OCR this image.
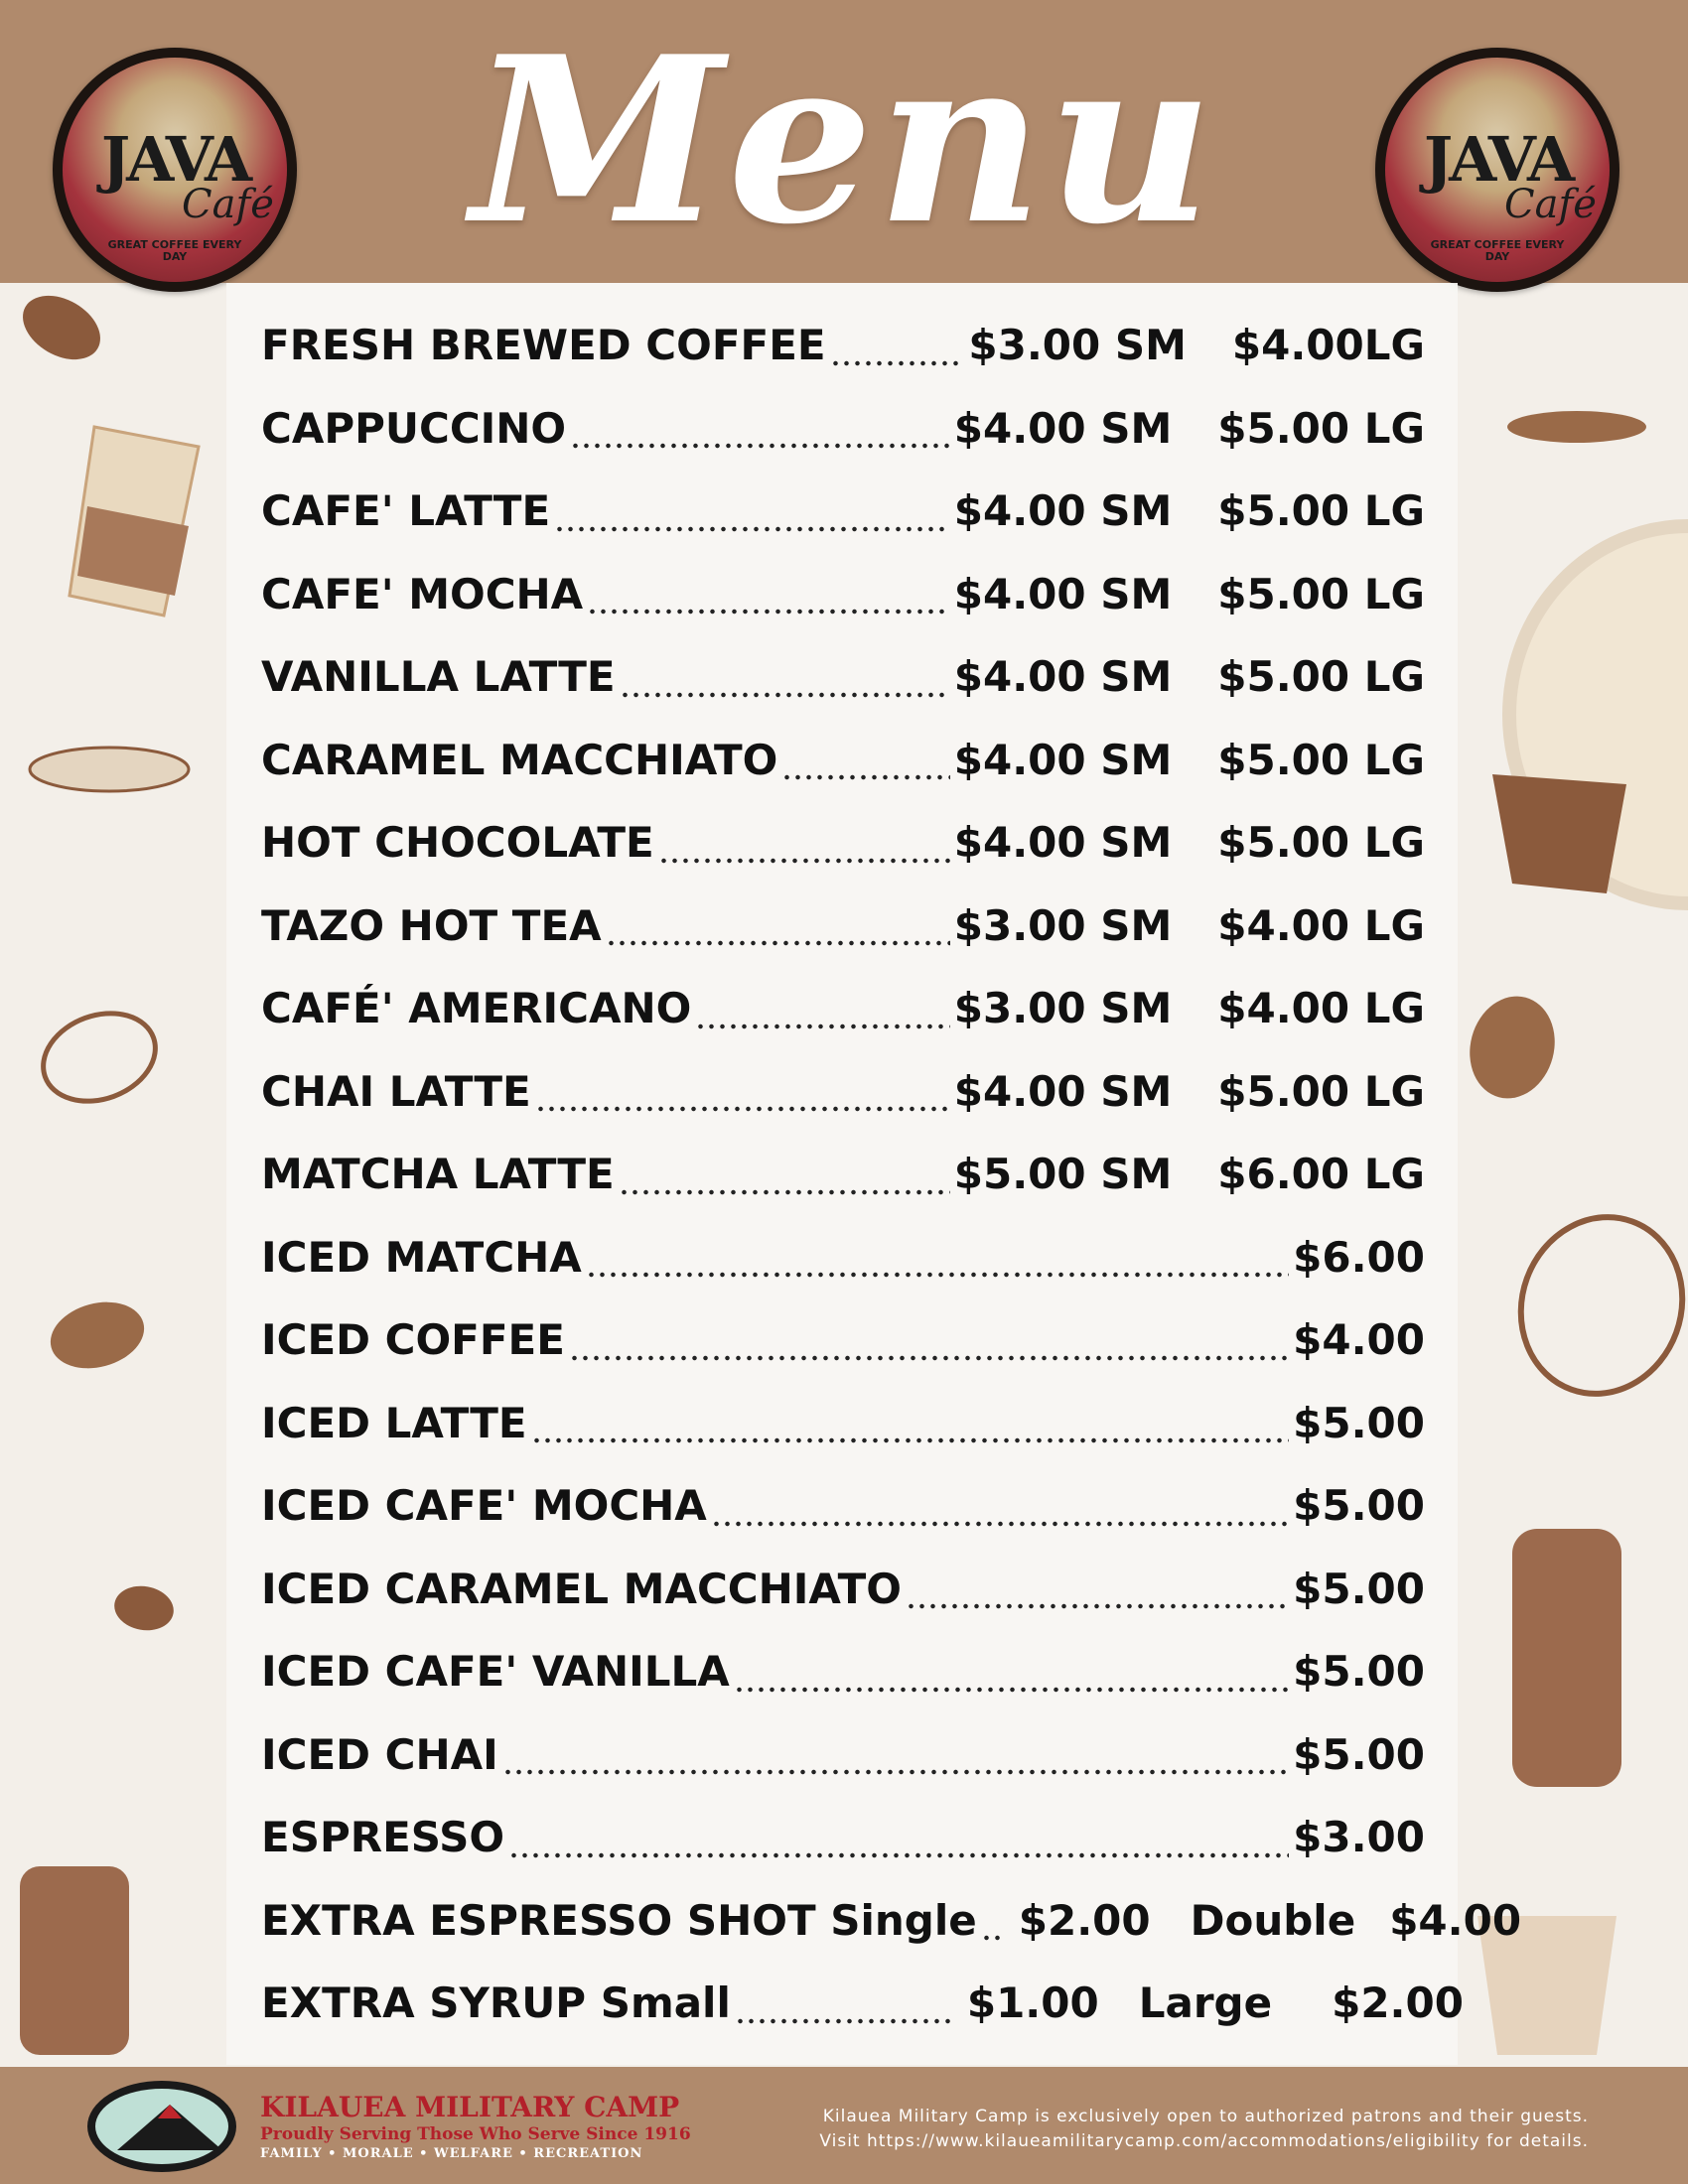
Menu
JAVA
Café
GREAT COFFEE EVERY DAY
JAVA
Café
GREAT COFFEE EVERY DAY
FRESH BREWED COFFEE	$3.00 SM $4.00LG
CAPPUCCINO	$4.00 SM $5.00 LG
CAFE' LATTE	$4.00 SM $5.00 LG
CAFE' MOCHA	$4.00 SM $5.00 LG
VANILLA LATTE	$4.00 SM $5.00 LG
CARAMEL MACCHIATO	$4.00 SM $5.00 LG
HOT CHOCOLATE	$4.00 SM $5.00 LG
TAZO HOT TEA	$3.00 SM $4.00 LG
CAFÉ' AMERICANO	$3.00 SM $4.00 LG
CHAI LATTE	$4.00 SM $5.00 LG
MATCHA LATTE	$5.00 SM $6.00 LG
ICED MATCHA	$6.00
ICED COFFEE	$4.00
ICED LATTE	$5.00
ICED CAFE' MOCHA	$5.00
ICED CARAMEL MACCHIATO	$5.00
ICED CAFE' VANILLA	$5.00
ICED CHAI	$5.00
ESPRESSO	$3.00
EXTRA ESPRESSO SHOT Single $2.00 Double $4.00
EXTRA SYRUP Small	$1.00 Large $2.00
KILAUEA MILITARY CAMP
Proudly Serving Those Who Serve Since 1916
FAMILY • MORALE • WELFARE • RECREATION
Kilauea Military Camp is exclusively open to authorized patrons and their guests.
Visit https://www.kilaueamilitarycamp.com/accommodations/eligibility for details.
